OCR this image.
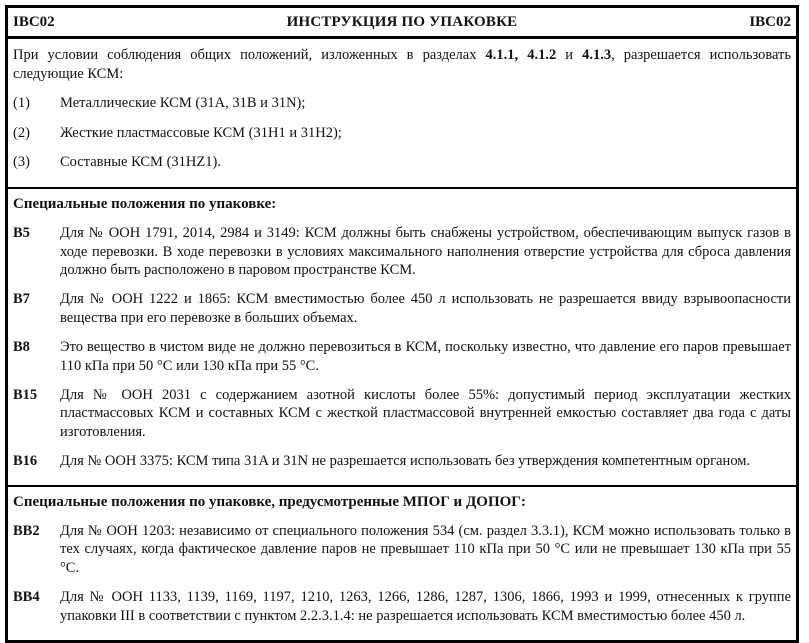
IBC02	ИНСТРУКЦИЯ ПО УПАКОВКЕ	IBC02

При условии соблюдения общих положений, изложенных в разделах 4.1.1, 4.1.2 и 4.1.3, разрешается использовать следующие КСМ:

(1) Металлические КСМ (31A, 31B и 31N);
(2) Жесткие пластмассовые КСМ (31H1 и 31H2);
(3) Составные КСМ (31HZ1).
Специальные положения по упаковке:
B5 Для № ООН 1791, 2014, 2984 и 3149: КСМ должны быть снабжены устройством, обеспечивающим выпуск газов в ходе перевозки. В ходе перевозки в условиях максимального наполнения отверстие устройства для сброса давления должно быть расположено в паровом пространстве КСМ.
B7 Для № ООН 1222 и 1865: КСМ вместимостью более 450 л использовать не разрешается ввиду взрывоопасности вещества при его перевозке в больших объемах.
B8 Это вещество в чистом виде не должно перевозиться в КСМ, поскольку известно, что давление его паров превышает 110 кПа при 50 °C или 130 кПа при 55 °C.
B15 Для № ООН 2031 с содержанием азотной кислоты более 55%: допустимый период эксплуатации жестких пластмассовых КСМ и составных КСМ с жесткой пластмассовой внутренней емкостью составляет два года с даты изготовления.
B16 Для № ООН 3375: КСМ типа 31A и 31N не разрешается использовать без утверждения компетентным органом.
Специальные положения по упаковке, предусмотренные МПОГ и ДОПОГ:
BB2 Для № ООН 1203: независимо от специального положения 534 (см. раздел 3.3.1), КСМ можно использовать только в тех случаях, когда фактическое давление паров не превышает 110 кПа при 50 °C или не превышает 130 кПа при 55 °C.
BB4 Для № ООН 1133, 1139, 1169, 1197, 1210, 1263, 1266, 1286, 1287, 1306, 1866, 1993 и 1999, отнесенных к группе упаковки III в соответствии с пунктом 2.2.3.1.4: не разрешается использовать КСМ вместимостью более 450 л.
